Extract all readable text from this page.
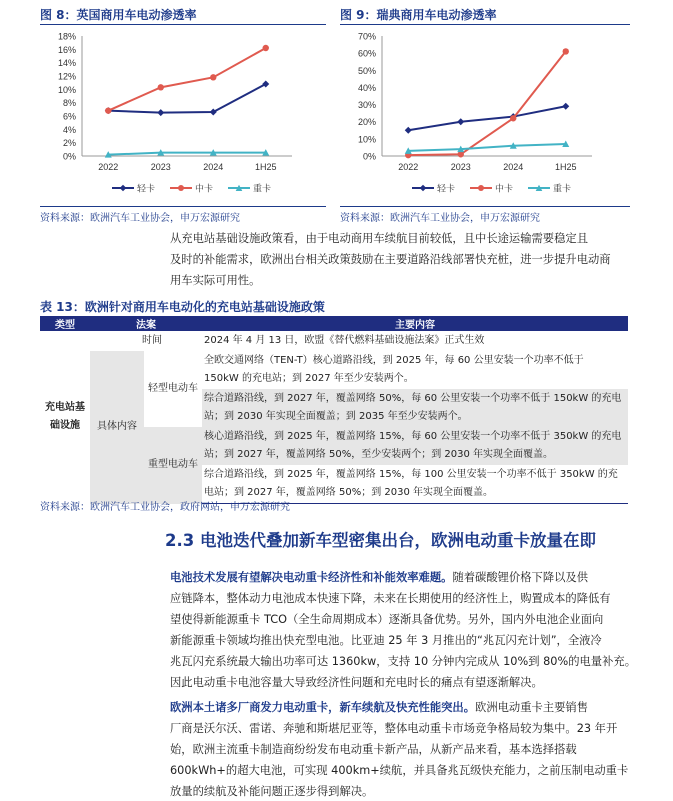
图 8：英国商用车电动渗透率
0%
2%
4%
6%
8%
10%
12%
14%
16%
18%
2022	2023	2024	1H25
轻卡	中卡	重卡
资料来源：欧洲汽车工业协会，申万宏源研究
图 9：瑞典商用车电动渗透率
0%
10%
20%
30%
40%
50%
60%
70%
2022	2023	2024	1H25
轻卡	中卡	重卡
资料来源：欧洲汽车工业协会，申万宏源研究
从充电站基础设施政策看，由于电动商用车续航目前较低，且中长途运输需要稳定且
及时的补能需求，欧洲出台相关政策鼓励在主要道路沿线部署快充桩，进一步提升电动商
用车实际可用性。
表 13：欧洲针对商用车电动化的充电站基础设施政策
类型	法案		主要内容

充电站基础设施	时间		2024 年 4 月 13 日，欧盟《替代燃料基础设施法案》正式生效
	具体内容	轻型电动车	全欧交通网络（TEN-T）核心道路沿线，到 2025 年，每 60 公里安装一个功率不低于
150kW 的充电站；到 2027 年至少安装两个。

			综合道路沿线，到 2027 年，覆盖网络 50%，每 60 公里安装一个功率不低于 150kW 的充电
站；到 2030 年实现全面覆盖；到 2035 年至少安装两个。

		重型电动车	核心道路沿线，到 2025 年，覆盖网络 15%，每 60 公里安装一个功率不低于 350kW 的充电
站；到 2027 年，覆盖网络 50%，至少安装两个；到 2030 年实现全面覆盖。

			综合道路沿线，到 2025 年，覆盖网络 15%，每 100 公里安装一个功率不低于 350kW 的充
电站；到 2027 年，覆盖网络 50%；到 2030 年实现全面覆盖。
资料来源：欧洲汽车工业协会，政府网站，申万宏源研究
2.3 电池迭代叠加新车型密集出台，欧洲电动重卡放量在即
电池技术发展有望解决电动重卡经济性和补能效率难题。随着碳酸锂价格下降以及供
应链降本，整体动力电池成本快速下降，未来在长期使用的经济性上，购置成本的降低有
望使得新能源重卡 TCO（全生命周期成本）逐渐具备优势。另外，国内外电池企业面向
新能源重卡领域均推出快充型电池。比亚迪 25 年 3 月推出的“兆瓦闪充计划”，全液冷
兆瓦闪充系统最大输出功率可达 1360kw，支持 10 分钟内完成从 10%到 80%的电量补充。
因此电动重卡电池容量大导致经济性问题和充电时长的痛点有望逐渐解决。
欧洲本土诸多厂商发力电动重卡，新车续航及快充性能突出。欧洲电动重卡主要销售
厂商是沃尔沃、雷诺、奔驰和斯堪尼亚等，整体电动重卡市场竞争格局较为集中。23 年开
始，欧洲主流重卡制造商纷纷发布电动重卡新产品，从新产品来看，基本选择搭载
600kWh+的超大电池，可实现 400km+续航，并具备兆瓦级快充能力，之前压制电动重卡
放量的续航及补能问题正逐步得到解决。
